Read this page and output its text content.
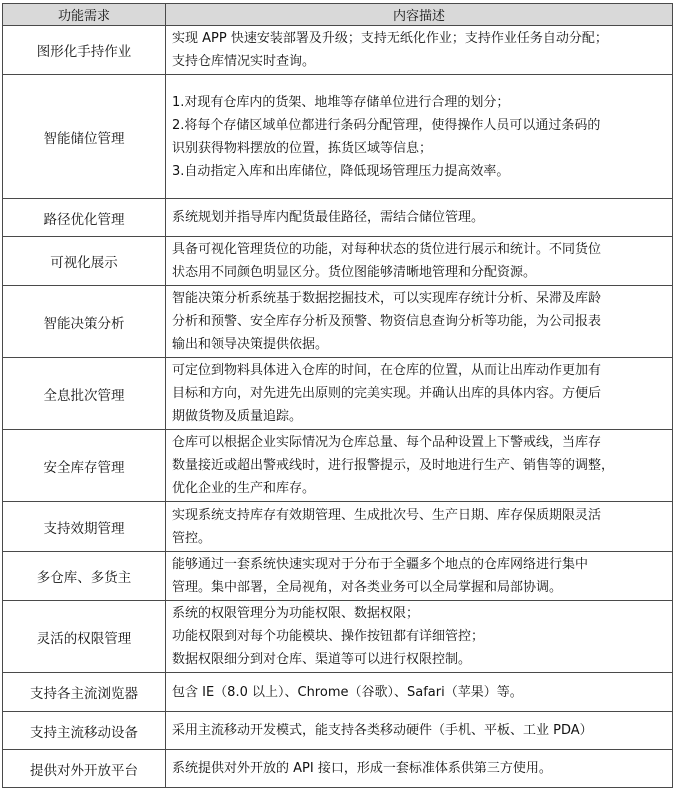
功能需求	内容描述
图形化手持作业	实现 APP 快速安装部署及升级；支持无纸化作业；支持作业任务自动分配；
支持仓库情况实时查询。

智能储位管理	1.对现有仓库内的货架、地堆等存储单位进行合理的划分；
2.将每个存储区域单位都进行条码分配管理，使得操作人员可以通过条码的
识别获得物料摆放的位置，拣货区域等信息；
3.自动指定入库和出库储位，降低现场管理压力提高效率。

路径优化管理	系统规划并指导库内配货最佳路径，需结合储位管理。

可视化展示	具备可视化管理货位的功能，对每种状态的货位进行展示和统计。不同货位
状态用不同颜色明显区分。货位图能够清晰地管理和分配资源。

智能决策分析	智能决策分析系统基于数据挖掘技术，可以实现库存统计分析、呆滞及库龄
分析和预警、安全库存分析及预警、物资信息查询分析等功能，为公司报表
输出和领导决策提供依据。

全息批次管理	可定位到物料具体进入仓库的时间，在仓库的位置，从而让出库动作更加有
目标和方向，对先进先出原则的完美实现。并确认出库的具体内容。方便后
期做货物及质量追踪。

安全库存管理	仓库可以根据企业实际情况为仓库总量、每个品种设置上下警戒线，当库存
数量接近或超出警戒线时，进行报警提示，及时地进行生产、销售等的调整，
优化企业的生产和库存。

支持效期管理	实现系统支持库存有效期管理、生成批次号、生产日期、库存保质期限灵活
管控。

多仓库、多货主	能够通过一套系统快速实现对于分布于全疆多个地点的仓库网络进行集中
管理。集中部署，全局视角，对各类业务可以全局掌握和局部协调。

灵活的权限管理	系统的权限管理分为功能权限、数据权限；
功能权限到对每个功能模块、操作按钮都有详细管控；
数据权限细分到对仓库、渠道等可以进行权限控制。

支持各主流浏览器	包含 IE（8.0 以上）、Chrome（谷歌）、Safari（苹果）等。

支持主流移动设备	采用主流移动开发模式，能支持各类移动硬件（手机、平板、工业 PDA）

提供对外开放平台	系统提供对外开放的 API 接口，形成一套标准体系供第三方使用。
